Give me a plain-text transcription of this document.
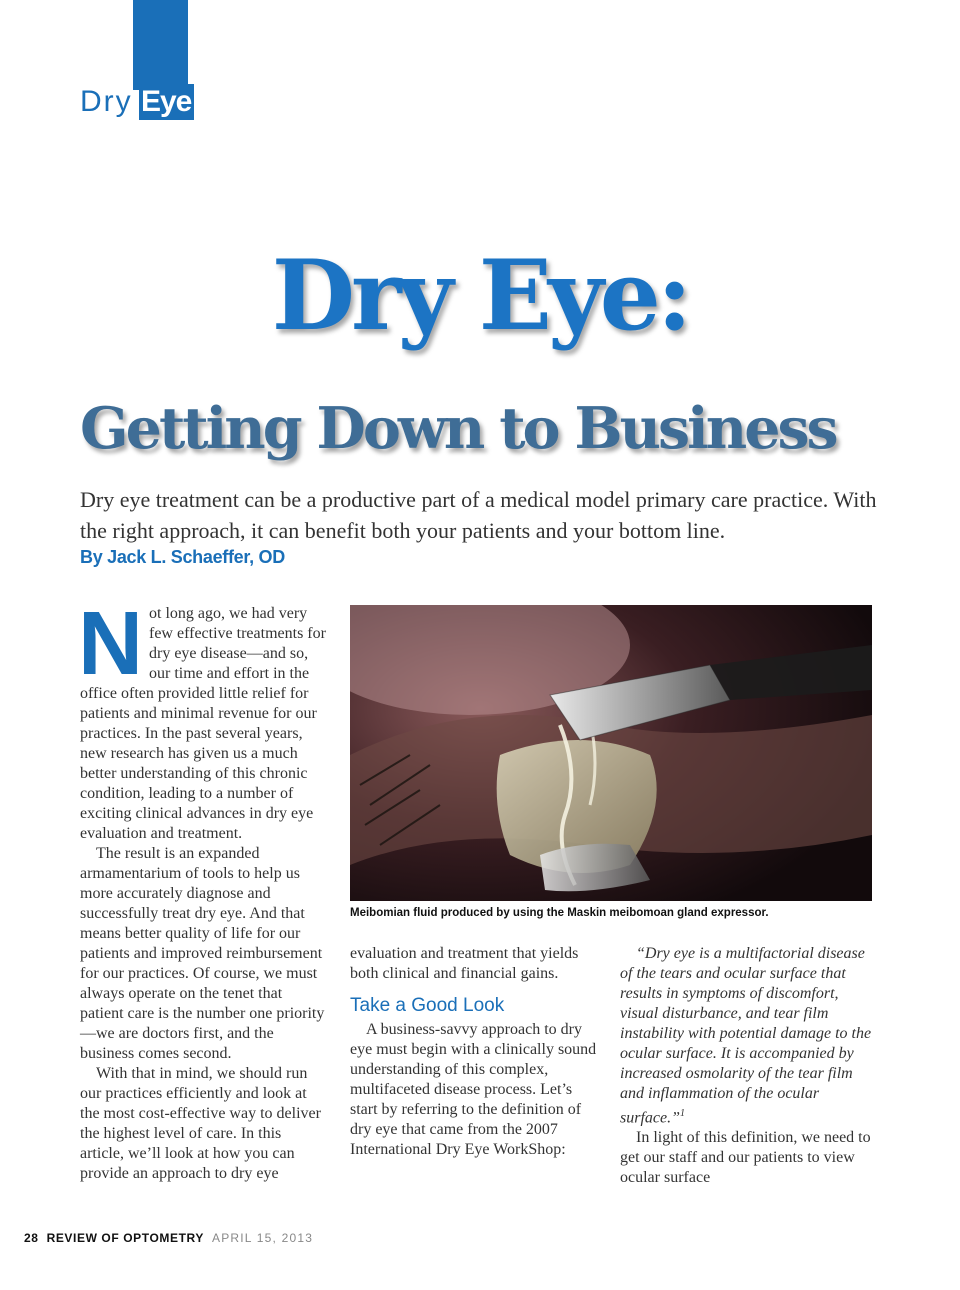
Dry Eye
Dry Eye:
Getting Down to Business
Dry eye treatment can be a productive part of a medical model primary care practice. With the right approach, it can benefit both your patients and your bottom line.
By Jack L. Schaeffer, OD

Not long ago, we had very few effective treatments for dry eye disease—and so, our time and effort in the office often provided little relief for patients and minimal revenue for our practices. In the past several years, new research has given us a much better understanding of this chronic condition, leading to a number of exciting clinical advances in dry eye evaluation and treatment.

The result is an expanded armamentarium of tools to help us more accurately diagnose and successfully treat dry eye. And that means better quality of life for our patients and improved reimbursement for our practices. Of course, we must always operate on the tenet that patient care is the number one priority—we are doctors first, and the business comes second.

With that in mind, we should run our practices efficiently and look at the most cost-effective way to deliver the highest level of care. In this article, we’ll look at how you can provide an approach to dry eye

Meibomian fluid produced by using the Maskin meibomoan gland expressor.

evaluation and treatment that yields both clinical and financial gains.

Take a Good Look

A business-savvy approach to dry eye must begin with a clinically sound understanding of this complex, multifaceted disease process. Let’s start by referring to the definition of dry eye that came from the 2007 International Dry Eye WorkShop:

“Dry eye is a multifactorial disease of the tears and ocular surface that results in symptoms of discomfort, visual disturbance, and tear film instability with potential damage to the ocular surface. It is accompanied by increased osmolarity of the tear film and inflammation of the ocular surface.”$^1$

In light of this definition, we need to get our staff and our patients to view ocular surface

28 REVIEW OF OPTOMETRY APRIL 15, 2013
